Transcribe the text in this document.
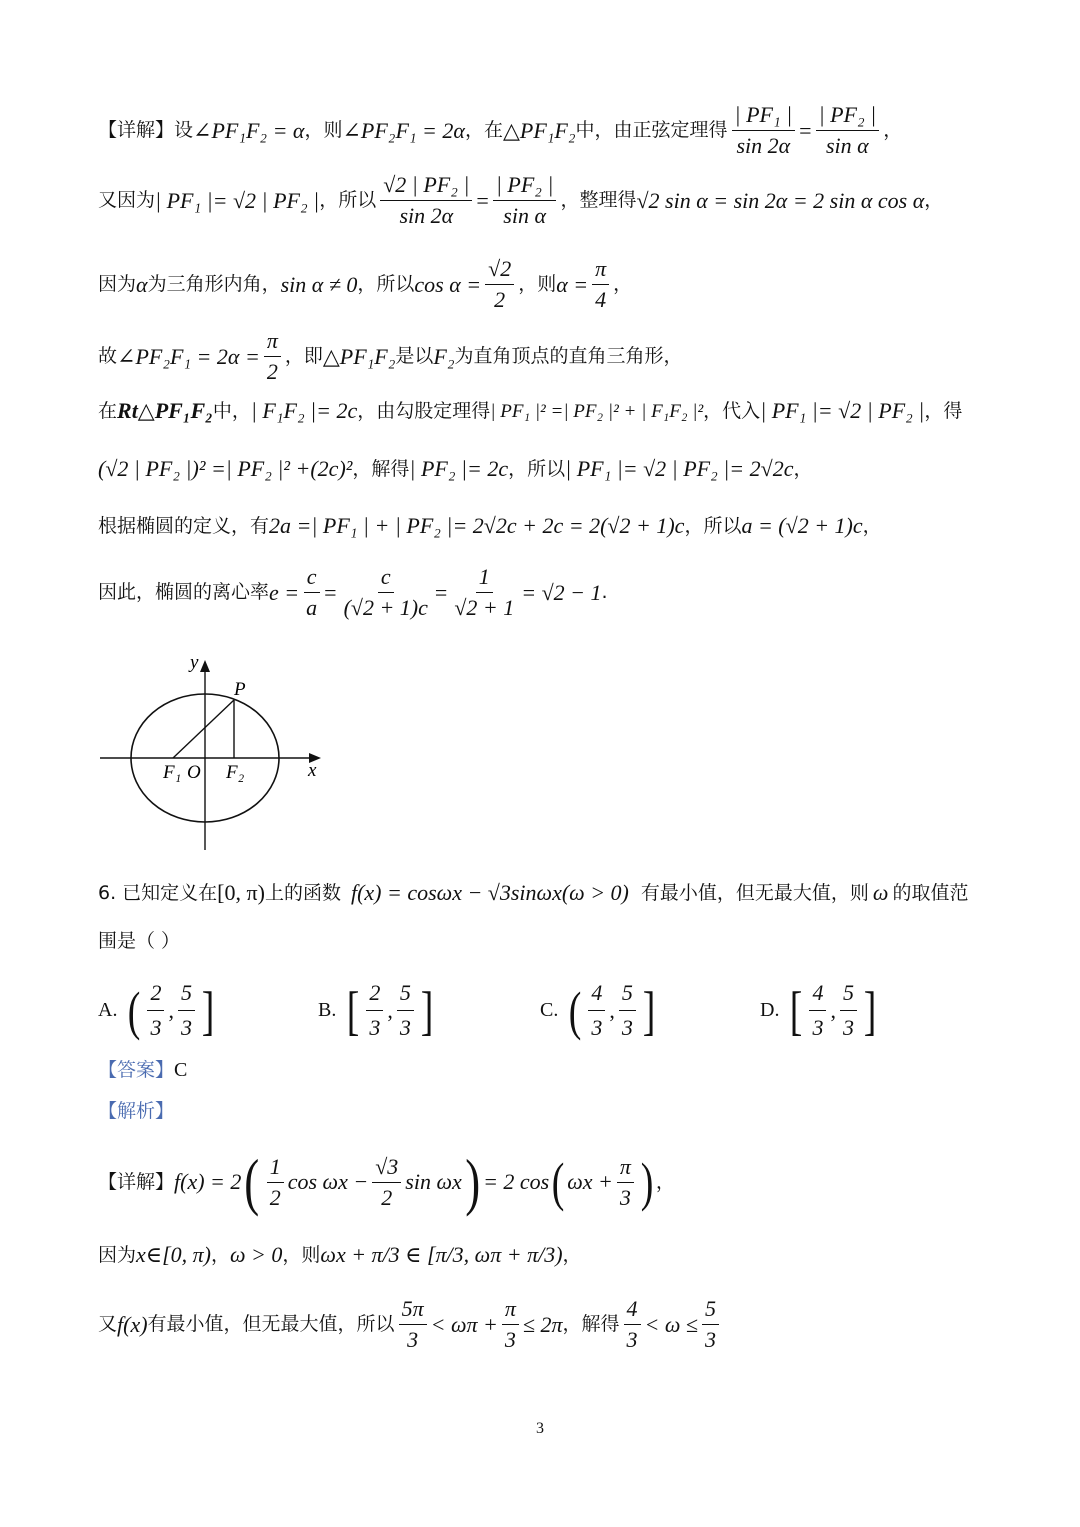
【详解】 设 ∠PF₁F₂ = α ，则 ∠PF₂F₁ = 2α ，在 △PF₁F₂ 中，由正弦定理得 $\frac{\text{| PF₁ |}}{\sin 2\alpha} = \frac{\text{| PF₂ |}}{\text{sin α}}$ ，
又因为 | PF₁ |= √2 | PF₂ | ，所以 $\frac{\text{√2 | PF₂ |}}{\sin 2\alpha} = \frac{\text{| PF₂ |}}{\text{sin α}}$ ，整理得 √2 sin α = sin 2α = 2 sin α cos α ，
因为 α 为三角形内角， sin α ≠ 0 ，所以 $\cos \alpha = \frac{√2}{2}$ ，则 $\alpha = \frac{\pi}{4}$ ，
故 ∠PF₂F₁ = $2\alpha = \frac{\pi}{2}$ ，即 △PF₁F₂ 是以 F₂ 为直角顶点的直角三角形，
在 Rt△PF₁F₂ 中， | F₁F₂ |= 2c ，由勾股定理得 | PF₁ |² =| PF₂ |² + | F₁F₂ |² ，代入 | PF₁ |= √2 | PF₂ | ，得
(√2 | PF₂ |)² =| PF₂ |² +(2c)² ，解得 | PF₂ |= 2c ，所以 | PF₁ |= √2 | PF₂ |= 2√2c ，
根据椭圆的定义，有 2a =| PF₁ | + | PF₂ |= 2√2c + 2c = 2(√2 + 1)c ，所以 a = (√2 + 1)c ，
因此，椭圆的离心率 $e = \frac{c}{a} = \frac{c}{(√2 + 1)c} = \frac{1}{√2 + 1} = √2 - 1$ .
y
P
x
F₁ O F₂
6. 已知定义在 [0, π) 上的函数 f(x) = cosωx − √3sinωx(ω > 0) 有最小值，但无最大值，则 ω 的取值范
围是（ ）
A. ( $\frac{2}{3}$ , $\frac{5}{3}$ ]	B. [ $\frac{2}{3}$ , $\frac{5}{3}$ ]	C. ( $\frac{4}{3}$ , $\frac{5}{3}$ ]	D. [ $\frac{4}{3}$ , $\frac{5}{3}$ ]
【答案】 C
【解析】
【详解】 f(x) = 2 ( $\frac{1}{2}$ $\cos \omega x - \frac{√3}{2}$ sin ωx ) = 2 cos ( $\omega x + \frac{\pi}{3}$ ) ，
因为 x∈[0, π) ， ω > 0 ，则 ωx + π/3 ∈ [π/3, ωπ + π/3) ，
又 f(x) 有最小值，但无最大值，所以 $\frac{5\pi}{3} < \omega\pi + \frac{\pi}{3} \le 2\pi$ ，解得 $\frac{4}{3} < \omega \le \frac{5}{3}$
3
